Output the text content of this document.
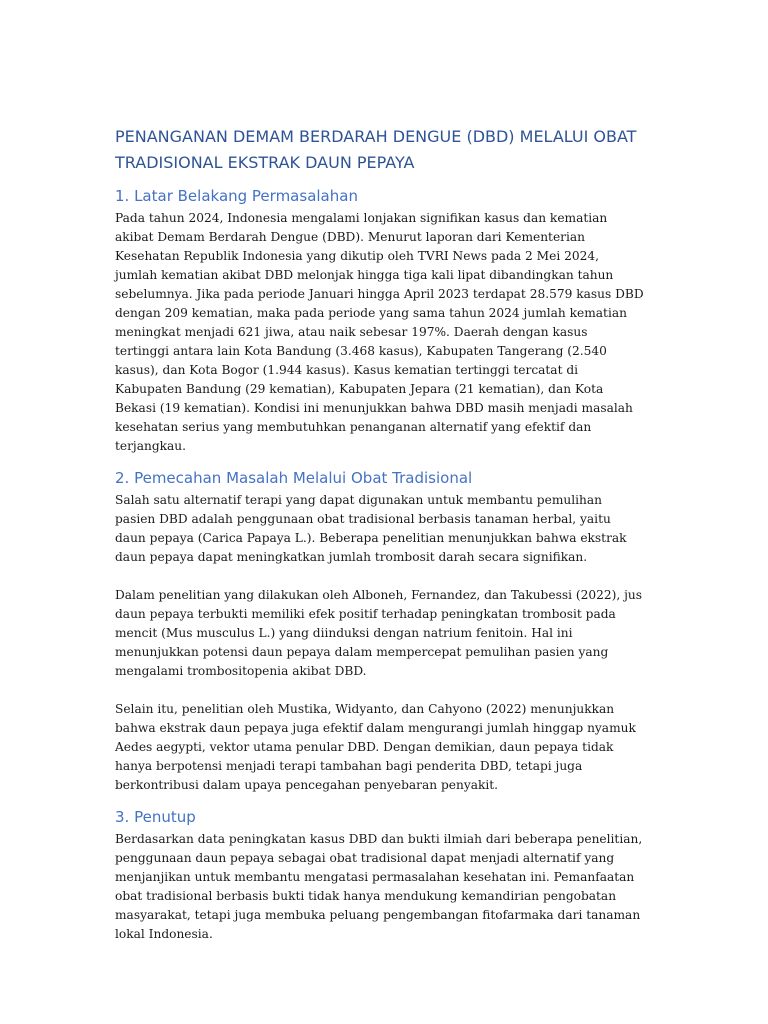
PENANGANAN DEMAM BERDARAH DENGUE (DBD) MELALUI OBAT TRADISIONAL EKSTRAK DAUN PEPAYA
1. Latar Belakang Permasalahan

Pada tahun 2024, Indonesia mengalami lonjakan signifikan kasus dan kematian akibat Demam Berdarah Dengue (DBD). Menurut laporan dari Kementerian Kesehatan Republik Indonesia yang dikutip oleh TVRI News pada 2 Mei 2024, jumlah kematian akibat DBD melonjak hingga tiga kali lipat dibandingkan tahun sebelumnya. Jika pada periode Januari hingga April 2023 terdapat 28.579 kasus DBD dengan 209 kematian, maka pada periode yang sama tahun 2024 jumlah kematian meningkat menjadi 621 jiwa, atau naik sebesar 197%. Daerah dengan kasus tertinggi antara lain Kota Bandung (3.468 kasus), Kabupaten Tangerang (2.540 kasus), dan Kota Bogor (1.944 kasus). Kasus kematian tertinggi tercatat di Kabupaten Bandung (29 kematian), Kabupaten Jepara (21 kematian), dan Kota Bekasi (19 kematian). Kondisi ini menunjukkan bahwa DBD masih menjadi masalah kesehatan serius yang membutuhkan penanganan alternatif yang efektif dan terjangkau.

2. Pemecahan Masalah Melalui Obat Tradisional

Salah satu alternatif terapi yang dapat digunakan untuk membantu pemulihan pasien DBD adalah penggunaan obat tradisional berbasis tanaman herbal, yaitu daun pepaya (Carica Papaya L.). Beberapa penelitian menunjukkan bahwa ekstrak daun pepaya dapat meningkatkan jumlah trombosit darah secara signifikan.

Dalam penelitian yang dilakukan oleh Alboneh, Fernandez, dan Takubessi (2022), jus daun pepaya terbukti memiliki efek positif terhadap peningkatan trombosit pada mencit (Mus musculus L.) yang diinduksi dengan natrium fenitoin. Hal ini menunjukkan potensi daun pepaya dalam mempercepat pemulihan pasien yang mengalami trombositopenia akibat DBD.

Selain itu, penelitian oleh Mustika, Widyanto, dan Cahyono (2022) menunjukkan bahwa ekstrak daun pepaya juga efektif dalam mengurangi jumlah hinggap nyamuk Aedes aegypti, vektor utama penular DBD. Dengan demikian, daun pepaya tidak hanya berpotensi menjadi terapi tambahan bagi penderita DBD, tetapi juga berkontribusi dalam upaya pencegahan penyebaran penyakit.

3. Penutup

Berdasarkan data peningkatan kasus DBD dan bukti ilmiah dari beberapa penelitian, penggunaan daun pepaya sebagai obat tradisional dapat menjadi alternatif yang menjanjikan untuk membantu mengatasi permasalahan kesehatan ini. Pemanfaatan obat tradisional berbasis bukti tidak hanya mendukung kemandirian pengobatan masyarakat, tetapi juga membuka peluang pengembangan fitofarmaka dari tanaman lokal Indonesia.
